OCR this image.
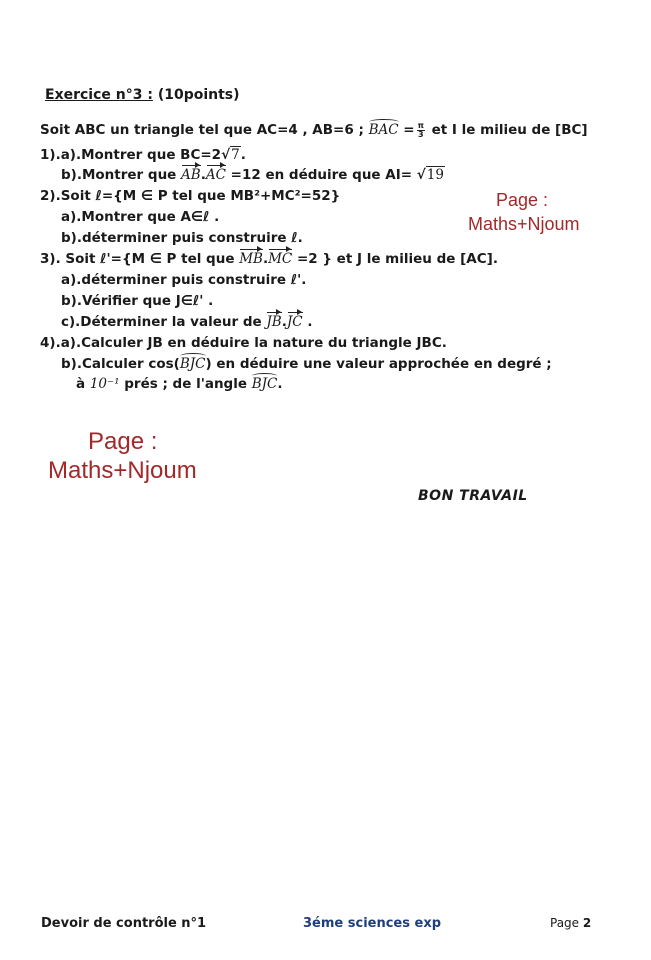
Exercice n°3 : (10points)
Soit ABC un triangle tel que AC=4 , AB=6 ; BAC = $\frac{\pi}{3}$ et I le milieu de [BC]
1).a).Montrer que BC=2√7.
b).Montrer que AB.AC =12 en déduire que AI= √19
2).Soit ℓ={M ∈ P tel que MB²+MC²=52}
a).Montrer que A∈ℓ .
b).déterminer puis construire ℓ.
3). Soit ℓ'={M ∈ P tel que MB.MC =2 } et J le milieu de [AC].
a).déterminer puis construire ℓ'.
b).Vérifier que J∈ℓ' .
c).Déterminer la valeur de JB.JC .
4).a).Calculer JB en déduire la nature du triangle JBC.
b).Calculer cos(BJC) en déduire une valeur approchée en degré ;
à 10⁻¹ prés ; de l'angle BJC.
Page :
Maths+Njoum
Page :
Maths+Njoum
BON TRAVAIL
Devoir de contrôle n°1	3éme sciences exp	Page 2
